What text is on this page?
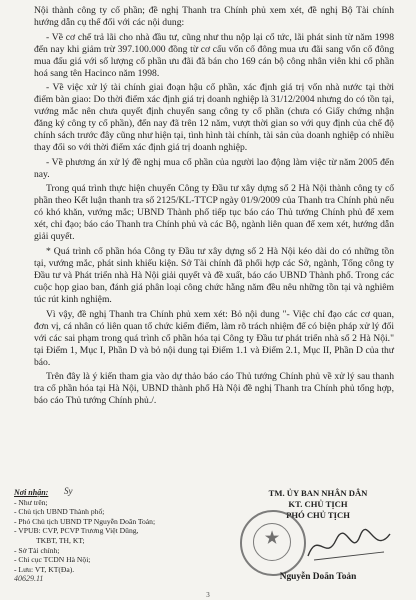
Nội thành công ty cổ phần; đề nghị Thanh tra Chính phủ xem xét, đề nghị Bộ Tài chính hướng dẫn cụ thể đối với các nội dung:

- Về cơ chế trả lãi cho nhà đầu tư, cũng như thu nộp lại cổ tức, lãi phát sinh từ năm 1998 đến nay khi giảm trừ 397.100.000 đồng từ cơ cấu vốn cổ đông mua ưu đãi sang vốn cổ đông mua đấu giá với số lượng cổ phần ưu đãi đã bán cho 169 cán bộ công nhân viên khi cổ phần hoá sang tên Hacinco năm 1998.

- Về việc xử lý tài chính giai đoạn hậu cổ phần, xác định giá trị vốn nhà nước tại thời điểm bàn giao: Do thời điểm xác định giá trị doanh nghiệp là 31/12/2004 nhưng do có tồn tại, vướng mắc nên chưa quyết định chuyển sang công ty cổ phần (chưa có Giấy chứng nhận đăng ký công ty cổ phần), đến nay đã trên 12 năm, vượt thời gian so với quy định của chế độ chính sách trước đây cũng như hiện tại, tình hình tài chính, tài sản của doanh nghiệp có nhiều thay đổi so với thời điểm xác định giá trị doanh nghiệp.

- Về phương án xử lý đề nghị mua cổ phần của người lao động làm việc từ năm 2005 đến nay.

Trong quá trình thực hiện chuyển Công ty Đầu tư xây dựng số 2 Hà Nội thành công ty cổ phần theo Kết luận thanh tra số 2125/KL-TTCP ngày 01/9/2009 của Thanh tra Chính phủ nếu có khó khăn, vướng mắc; UBND Thành phố tiếp tục báo cáo Thủ tướng Chính phủ để xem xét, chỉ đạo; báo cáo Thanh tra Chính phủ và các Bộ, ngành liên quan để xem xét, hướng dẫn giải quyết.

* Quá trình cổ phần hóa Công ty Đầu tư xây dựng số 2 Hà Nội kéo dài do có những tồn tại, vướng mắc, phát sinh khiếu kiện. Sở Tài chính đã phối hợp các Sở, ngành, Tổng công ty Đầu tư và Phát triển nhà Hà Nội giải quyết và đề xuất, báo cáo UBND Thành phố. Trong các cuộc họp giao ban, đánh giá phân loại công chức hằng năm đều nêu những tồn tại và nghiêm túc rút kinh nghiệm.

Vì vậy, đề nghị Thanh tra Chính phủ xem xét: Bỏ nội dung "- Việc chỉ đạo các cơ quan, đơn vị, cá nhân có liên quan tổ chức kiểm điểm, làm rõ trách nhiệm để có biện pháp xử lý đối với các sai phạm trong quá trình cổ phần hóa tại Công ty Đầu tư phát triển nhà số 2 Hà Nội." tại Điểm 1, Mục I, Phần D và bỏ nội dung tại Điểm 1.1 và Điểm 2.1, Mục II, Phần D của thư báo.

Trên đây là ý kiến tham gia vào dự thảo báo cáo Thủ tướng Chính phủ về xử lý sau thanh tra cổ phần hóa tại Hà Nội, UBND thành phố Hà Nội đề nghị Thanh tra Chính phủ tổng hợp, báo cáo Thủ tướng Chính phủ./.

Nơi nhận:
- Như trên;
- Chủ tịch UBND Thành phố;
- Phó Chủ tịch UBND TP Nguyễn Doãn Toản;
- VPUB: CVP, PCVP Trương Việt Dũng,
TKBT, TH, KT;
- Sở Tài chính;
- Chi cục TCDN Hà Nội;
- Lưu: VT, KT(Đa).
Sy
40629.11
TM. ỦY BAN NHÂN DÂN
KT. CHỦ TỊCH
PHÓ CHỦ TỊCH
★
Nguyễn Doãn Toản
3
